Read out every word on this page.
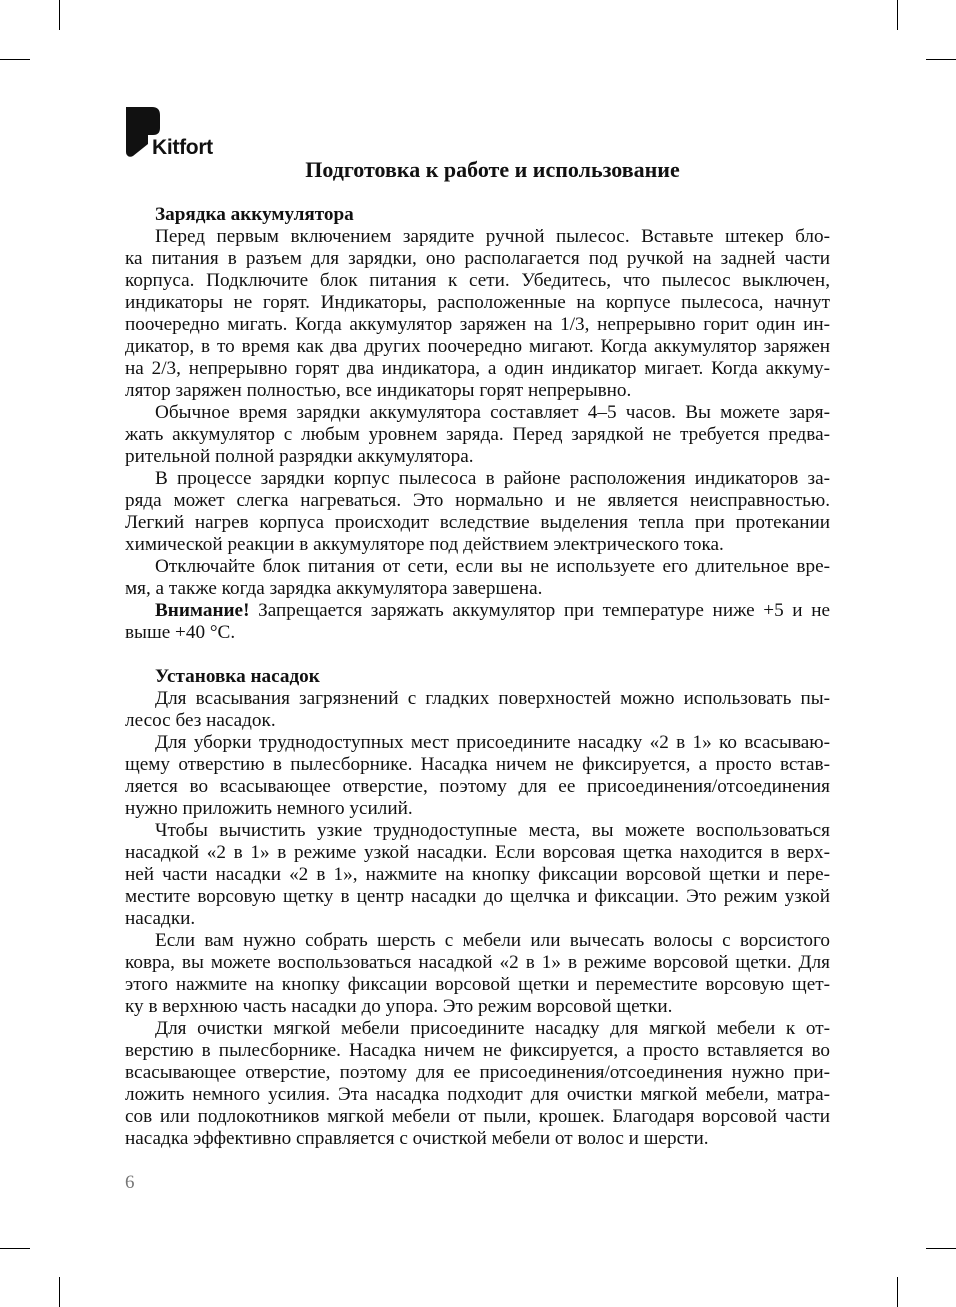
Kitfort
Подготовка к работе и использование
Зарядка аккумулятора
Перед первым включением зарядите ручной пылесос. Вставьте штекер бло-
ка питания в разъем для зарядки, оно располагается под ручкой на задней части
корпуса. Подключите блок питания к сети. Убедитесь, что пылесос выключен,
индикаторы не горят. Индикаторы, расположенные на корпусе пылесоса, начнут
поочередно мигать. Когда аккумулятор заряжен на 1/3, непрерывно горит один ин-
дикатор, в то время как два других поочередно мигают. Когда аккумулятор заряжен
на 2/3, непрерывно горят два индикатора, а один индикатор мигает. Когда аккуму-
лятор заряжен полностью, все индикаторы горят непрерывно.
Обычное время зарядки аккумулятора составляет 4–5 часов. Вы можете заря-
жать аккумулятор с любым уровнем заряда. Перед зарядкой не требуется предва-
рительной полной разрядки аккумулятора.
В процессе зарядки корпус пылесоса в районе расположения индикаторов за-
ряда может слегка нагреваться. Это нормально и не является неисправностью.
Легкий нагрев корпуса происходит вследствие выделения тепла при протекании
химической реакции в аккумуляторе под действием электрического тока.
Отключайте блок питания от сети, если вы не используете его длительное вре-
мя, а также когда зарядка аккумулятора завершена.
Внимание! Запрещается заряжать аккумулятор при температуре ниже +5 и не
выше +40 °С.
Установка насадок
Для всасывания загрязнений с гладких поверхностей можно использовать пы-
лесос без насадок.
Для уборки труднодоступных мест присоедините насадку «2 в 1» ко всасываю-
щему отверстию в пылесборнике. Насадка ничем не фиксируется, а просто встав-
ляется во всасывающее отверстие, поэтому для ее присоединения/отсоединения
нужно приложить немного усилий.
Чтобы вычистить узкие труднодоступные места, вы можете воспользоваться
насадкой «2 в 1» в режиме узкой насадки. Если ворсовая щетка находится в верх-
ней части насадки «2 в 1», нажмите на кнопку фиксации ворсовой щетки и пере-
местите ворсовую щетку в центр насадки до щелчка и фиксации. Это режим узкой
насадки.
Если вам нужно собрать шерсть с мебели или вычесать волосы с ворсистого
ковра, вы можете воспользоваться насадкой «2 в 1» в режиме ворсовой щетки. Для
этого нажмите на кнопку фиксации ворсовой щетки и переместите ворсовую щет-
ку в верхнюю часть насадки до упора. Это режим ворсовой щетки.
Для очистки мягкой мебели присоедините насадку для мягкой мебели к от-
верстию в пылесборнике. Насадка ничем не фиксируется, а просто вставляется во
всасывающее отверстие, поэтому для ее присоединения/отсоединения нужно при-
ложить немного усилия. Эта насадка подходит для очистки мягкой мебели, матра-
сов или подлокотников мягкой мебели от пыли, крошек. Благодаря ворсовой части
насадка эффективно справляется с очисткой мебели от волос и шерсти.
6
